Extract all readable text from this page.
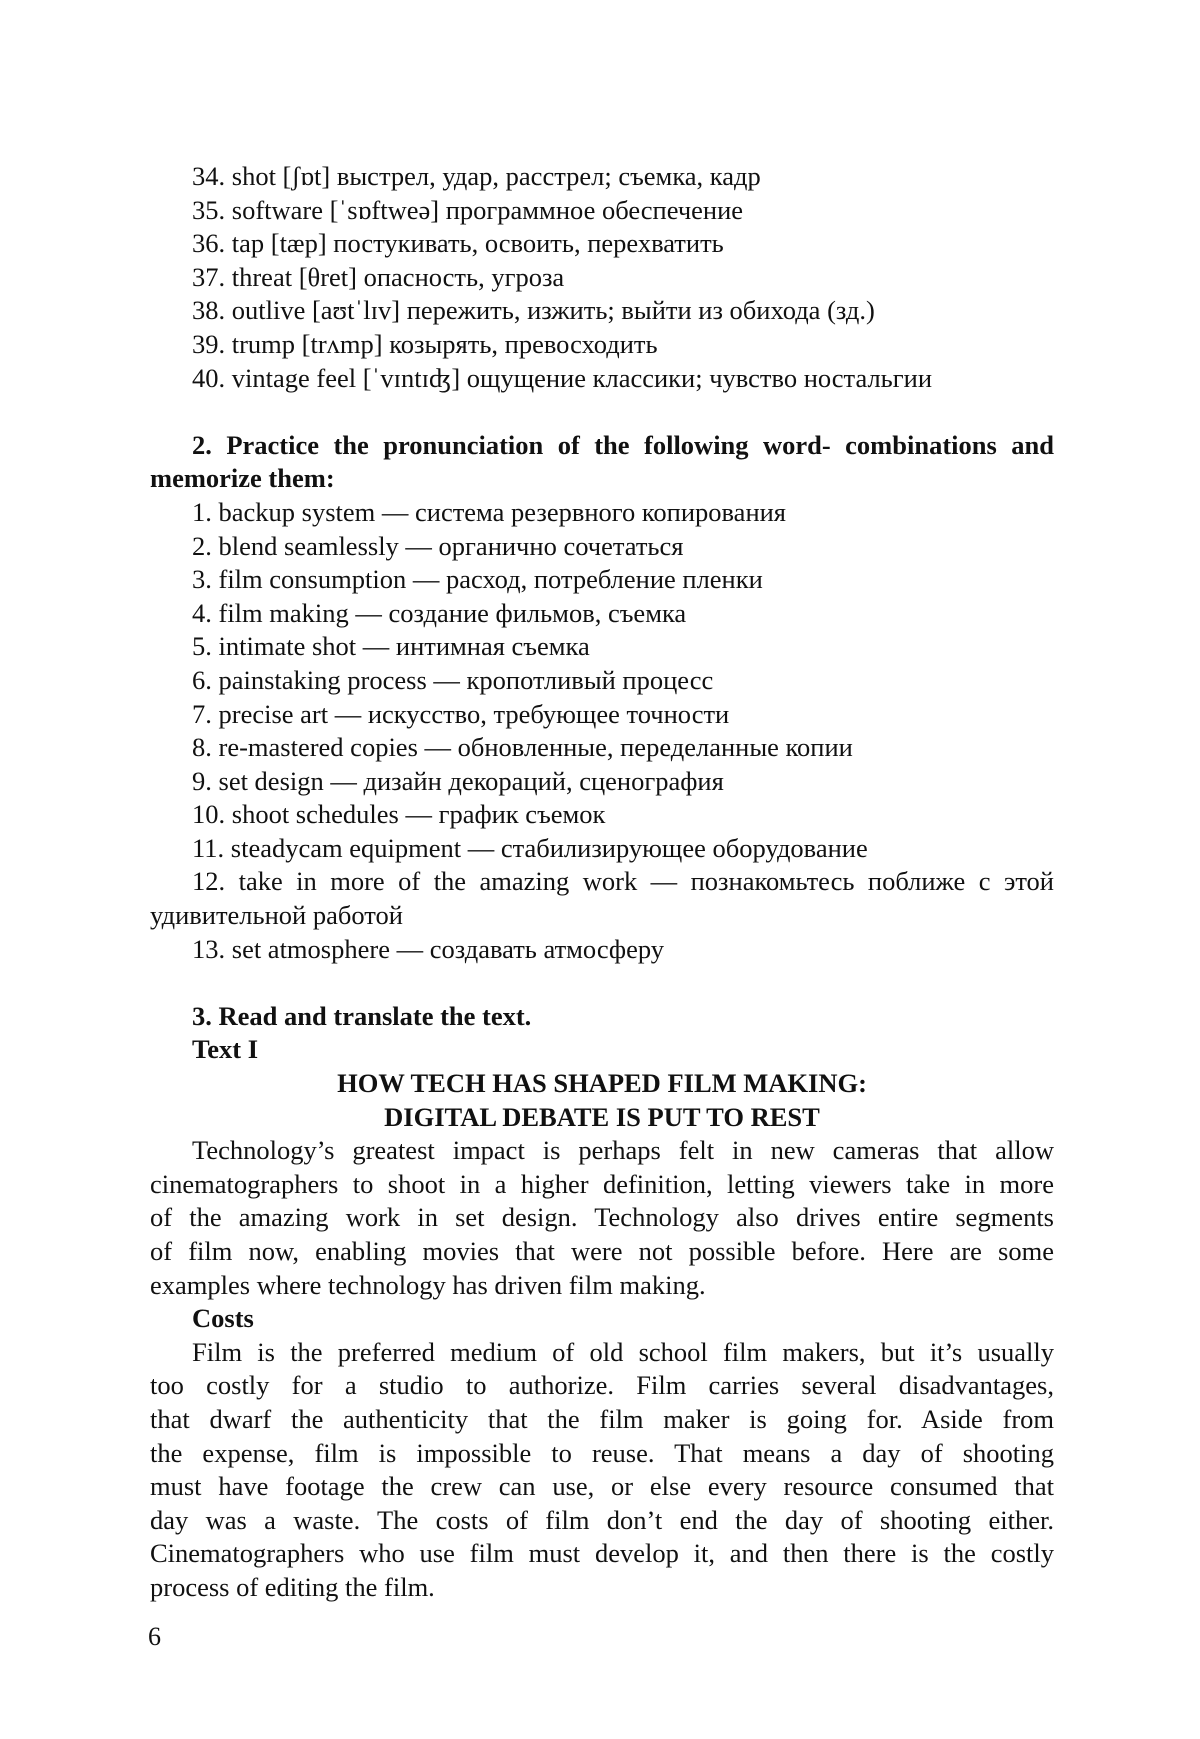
34. shot [ʃɒt] выстрел, удар, расстрел; съемка, кадр

35. software [ˈsɒftweə] программное обеспечение

36. tap [tæp] постукивать, освоить, перехватить

37. threat [θret] опасность, угроза

38. outlive [aʊtˈlɪv] пережить, изжить; выйти из обихода (зд.)

39. trump [trʌmp] козырять, превосходить

40. vintage feel [ˈvɪntɪʤ] ощущение классики; чувство ностальгии

2. Practice the pronunciation of the following word- combinations and

memorize them:

1. backup system — система резервного копирования

2. blend seamlessly — органично сочетаться

3. film consumption — расход, потребление пленки

4. film making — создание фильмов, съемка

5. intimate shot — интимная съемка

6. painstaking process — кропотливый процесс

7. precise art — искусство, требующее точности

8. re-mastered copies — обновленные, переделанные копии

9. set design — дизайн декораций, сценография

10. shoot schedules — график съемок

11. steadycam equipment — стабилизирующее оборудование

12. take in more of the amazing work — познакомьтесь поближе с этой

удивительной работой

13. set atmosphere — создавать атмосферу

3. Read and translate the text.

Text I

HOW TECH HAS SHAPED FILM MAKING:

DIGITAL DEBATE IS PUT TO REST

Technology’s greatest impact is perhaps felt in new cameras that allow

cinematographers to shoot in a higher definition, letting viewers take in more

of the amazing work in set design. Technology also drives entire segments

of film now, enabling movies that were not possible before. Here are some

examples where technology has driven film making.

Costs

Film is the preferred medium of old school film makers, but it’s usually

too costly for a studio to authorize. Film carries several disadvantages,

that dwarf the authenticity that the film maker is going for. Aside from

the expense, film is impossible to reuse. That means a day of shooting

must have footage the crew can use, or else every resource consumed that

day was a waste. The costs of film don’t end the day of shooting either.

Cinematographers who use film must develop it, and then there is the costly

process of editing the film.

6
